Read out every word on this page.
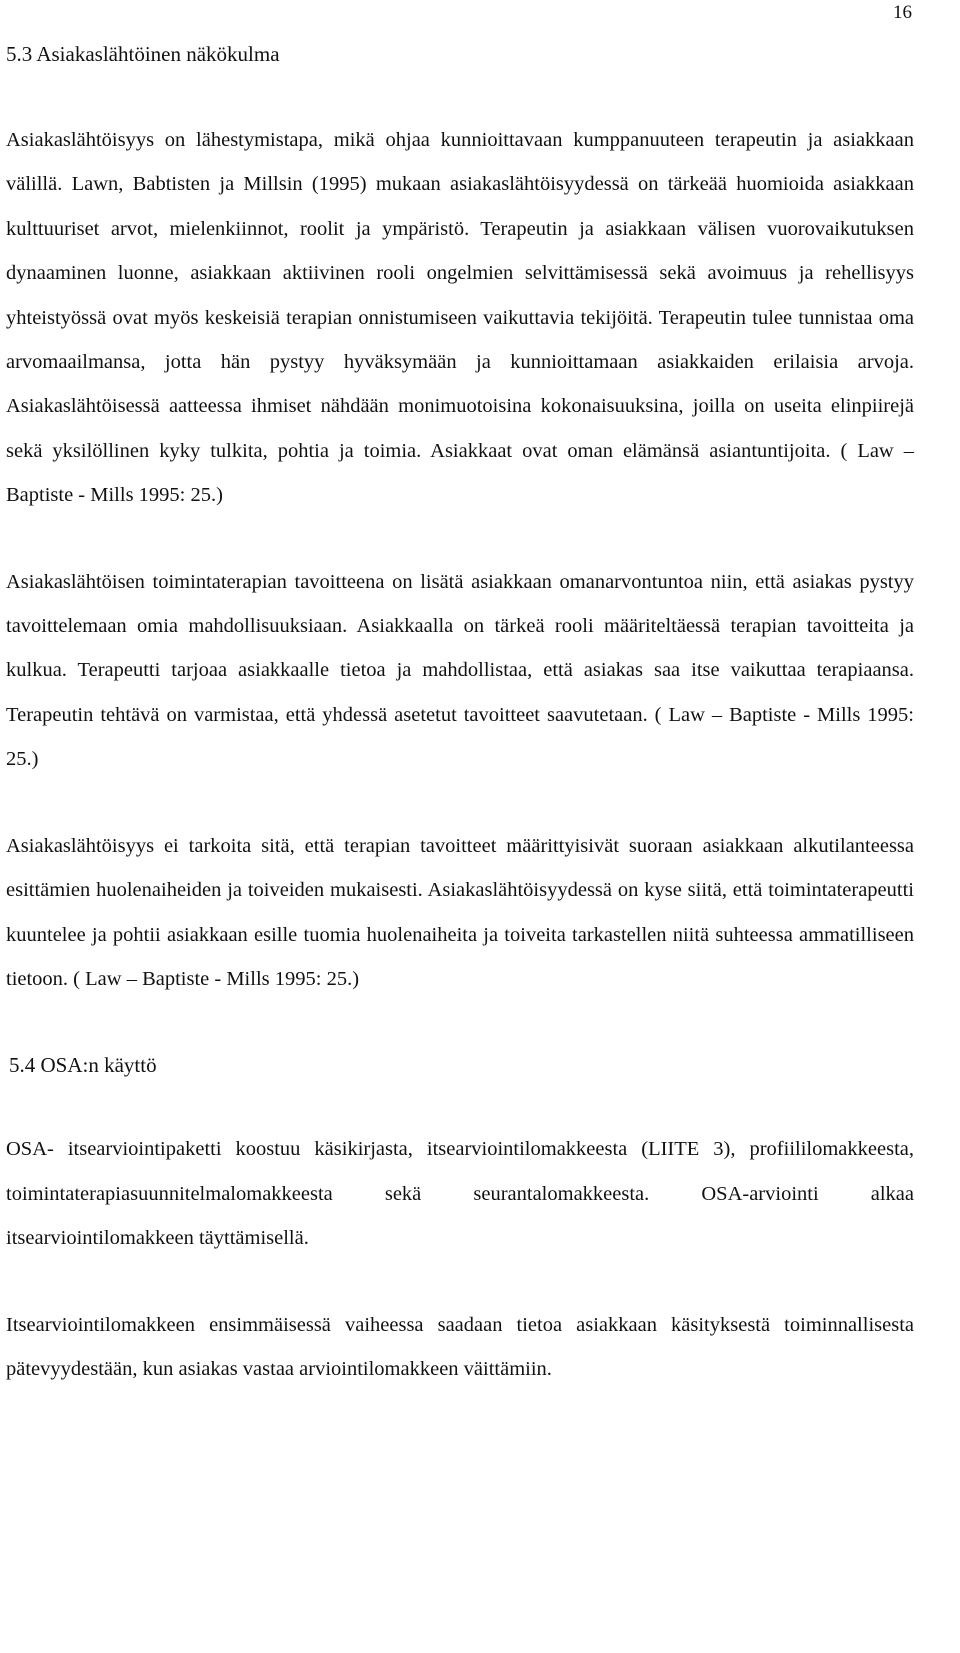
16
5.3 Asiakaslähtöinen näkökulma

Asiakaslähtöisyys on lähestymistapa, mikä ohjaa kunnioittavaan kumppanuuteen terapeutin ja asiakkaan välillä. Lawn, Babtisten ja Millsin (1995) mukaan asiakaslähtöisyydessä on tärkeää huomioida asiakkaan kulttuuriset arvot, mielenkiinnot, roolit ja ympäristö. Terapeutin ja asiakkaan välisen vuorovaikutuksen dynaaminen luonne, asiakkaan aktiivinen rooli ongelmien selvittämisessä sekä avoimuus ja rehellisyys yhteistyössä ovat myös keskeisiä terapian onnistumiseen vaikuttavia tekijöitä. Terapeutin tulee tunnistaa oma arvomaailmansa, jotta hän pystyy hyväksymään ja kunnioittamaan asiakkaiden erilaisia arvoja. Asiakaslähtöisessä aatteessa ihmiset nähdään monimuotoisina kokonaisuuksina, joilla on useita elinpiirejä sekä yksilöllinen kyky tulkita, pohtia ja toimia. Asiakkaat ovat oman elämänsä asiantuntijoita. ( Law – Baptiste - Mills 1995: 25.)

Asiakaslähtöisen toimintaterapian tavoitteena on lisätä asiakkaan omanarvontuntoa niin, että asiakas pystyy tavoittelemaan omia mahdollisuuksiaan. Asiakkaalla on tärkeä rooli määriteltäessä terapian tavoitteita ja kulkua. Terapeutti tarjoaa asiakkaalle tietoa ja mahdollistaa, että asiakas saa itse vaikuttaa terapiaansa. Terapeutin tehtävä on varmistaa, että yhdessä asetetut tavoitteet saavutetaan. ( Law – Baptiste - Mills 1995: 25.)

Asiakaslähtöisyys ei tarkoita sitä, että terapian tavoitteet määrittyisivät suoraan asiakkaan alkutilanteessa esittämien huolenaiheiden ja toiveiden mukaisesti. Asiakaslähtöisyydessä on kyse siitä, että toimintaterapeutti kuuntelee ja pohtii asiakkaan esille tuomia huolenaiheita ja toiveita tarkastellen niitä suhteessa ammatilliseen tietoon. ( Law – Baptiste - Mills 1995: 25.)

5.4 OSA:n käyttö

OSA- itsearviointipaketti koostuu käsikirjasta, itsearviointilomakkeesta (LIITE 3), profiililomakkeesta, toimintaterapiasuunnitelmalomakkeesta sekä seurantalomakkeesta. OSA-arviointi alkaa itsearviointilomakkeen täyttämisellä.

Itsearviointilomakkeen ensimmäisessä vaiheessa saadaan tietoa asiakkaan käsityksestä toiminnallisesta pätevyydestään, kun asiakas vastaa arviointilomakkeen väittämiin.
